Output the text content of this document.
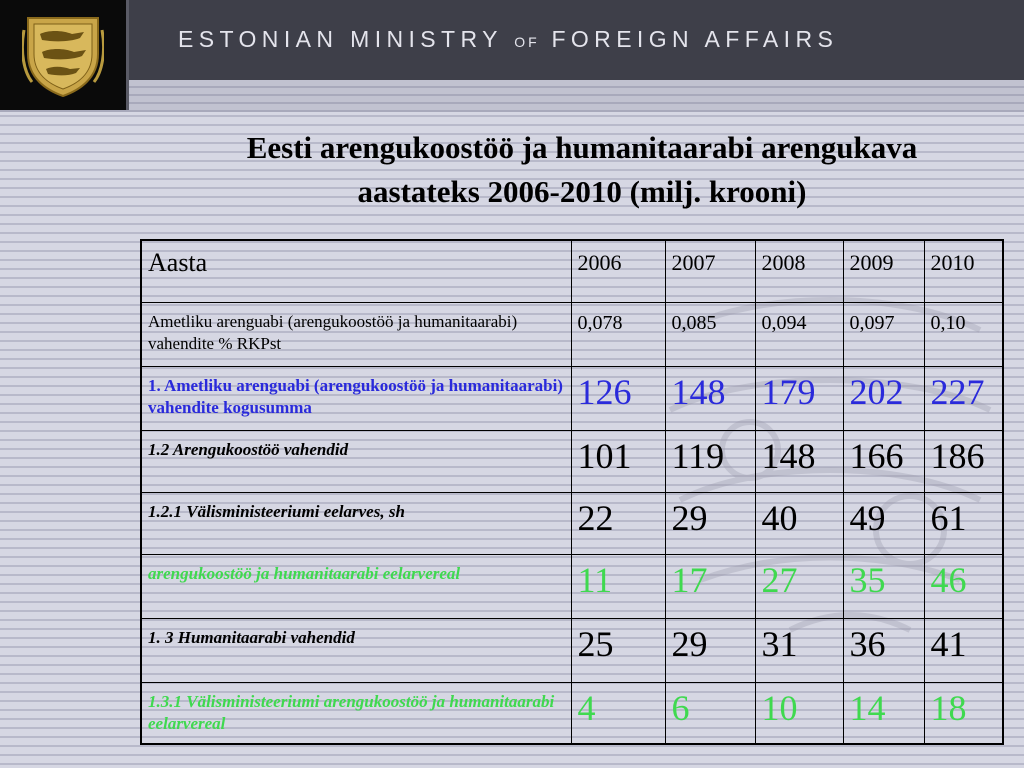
ESTONIAN MINISTRY OF FOREIGN AFFAIRS
Eesti arengukoostöö ja humanitaarabi arengukava
aastateks 2006-2010 (milj. krooni)
Aasta	2006	2007	2008	2009	2010
Ametliku arenguabi (arengukoostöö ja humanitaarabi) vahendite % RKPst	0,078	0,085	0,094	0,097	0,10
1. Ametliku arenguabi (arengukoostöö ja humanitaarabi) vahendite kogusumma	126	148	179	202	227
1.2 Arengukoostöö vahendid	101	119	148	166	186
1.2.1 Välisministeeriumi eelarves, sh	22	29	40	49	61
arengukoostöö ja humanitaarabi eelarvereal	11	17	27	35	46
1. 3 Humanitaarabi vahendid	25	29	31	36	41
1.3.1 Välisministeeriumi arengukoostöö ja humanitaarabi eelarvereal	4	6	10	14	18
